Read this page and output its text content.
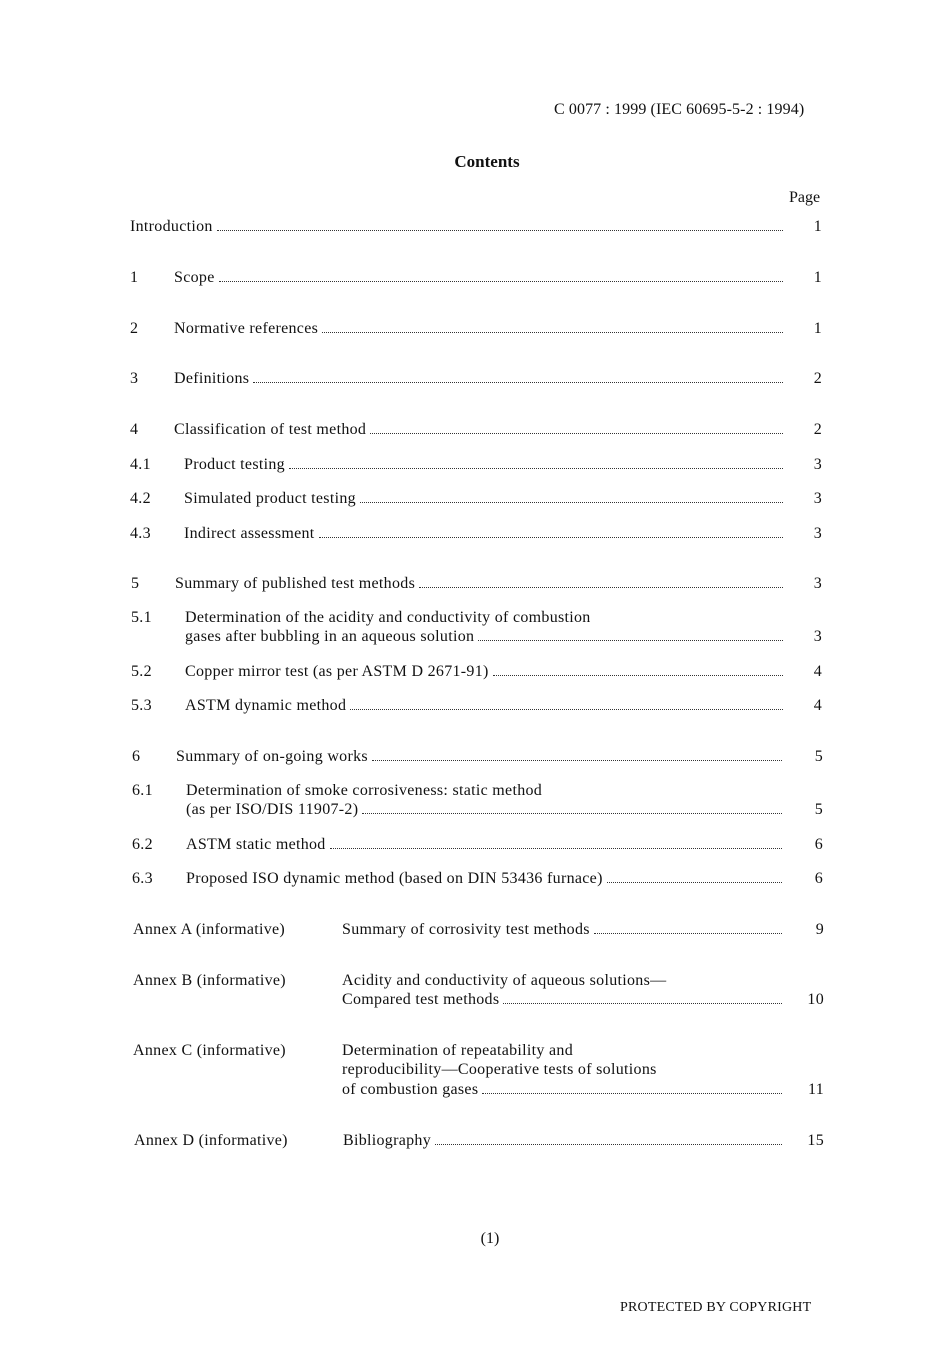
C 0077 : 1999 (IEC 60695-5-2 : 1994)
Contents
Page
Introduction	1
1 Scope	1
2 Normative references	1
3 Definitions	2
4 Classification of test method	2
4.1 Product testing	3
4.2 Simulated product testing	3
4.3 Indirect assessment	3
5 Summary of published test methods	3
5.1 Determination of the acidity and conductivity of combustion
gases after bubbling in an aqueous solution	3
5.2 Copper mirror test (as per ASTM D 2671-91)	4
5.3 ASTM dynamic method	4
6 Summary of on-going works	5
6.1 Determination of smoke corrosiveness: static method
(as per ISO/DIS 11907-2)	5
6.2 ASTM static method	6
6.3 Proposed ISO dynamic method (based on DIN 53436 furnace)	6
Annex A (informative)	Summary of corrosivity test methods	9
Annex B (informative)	Acidity and conductivity of aqueous solutions—
Compared test methods	10
Annex C (informative)	Determination of repeatability and
reproducibility—Cooperative tests of solutions
of combustion gases	11
Annex D (informative)	Bibliography	15
(1)
PROTECTED BY COPYRIGHT
